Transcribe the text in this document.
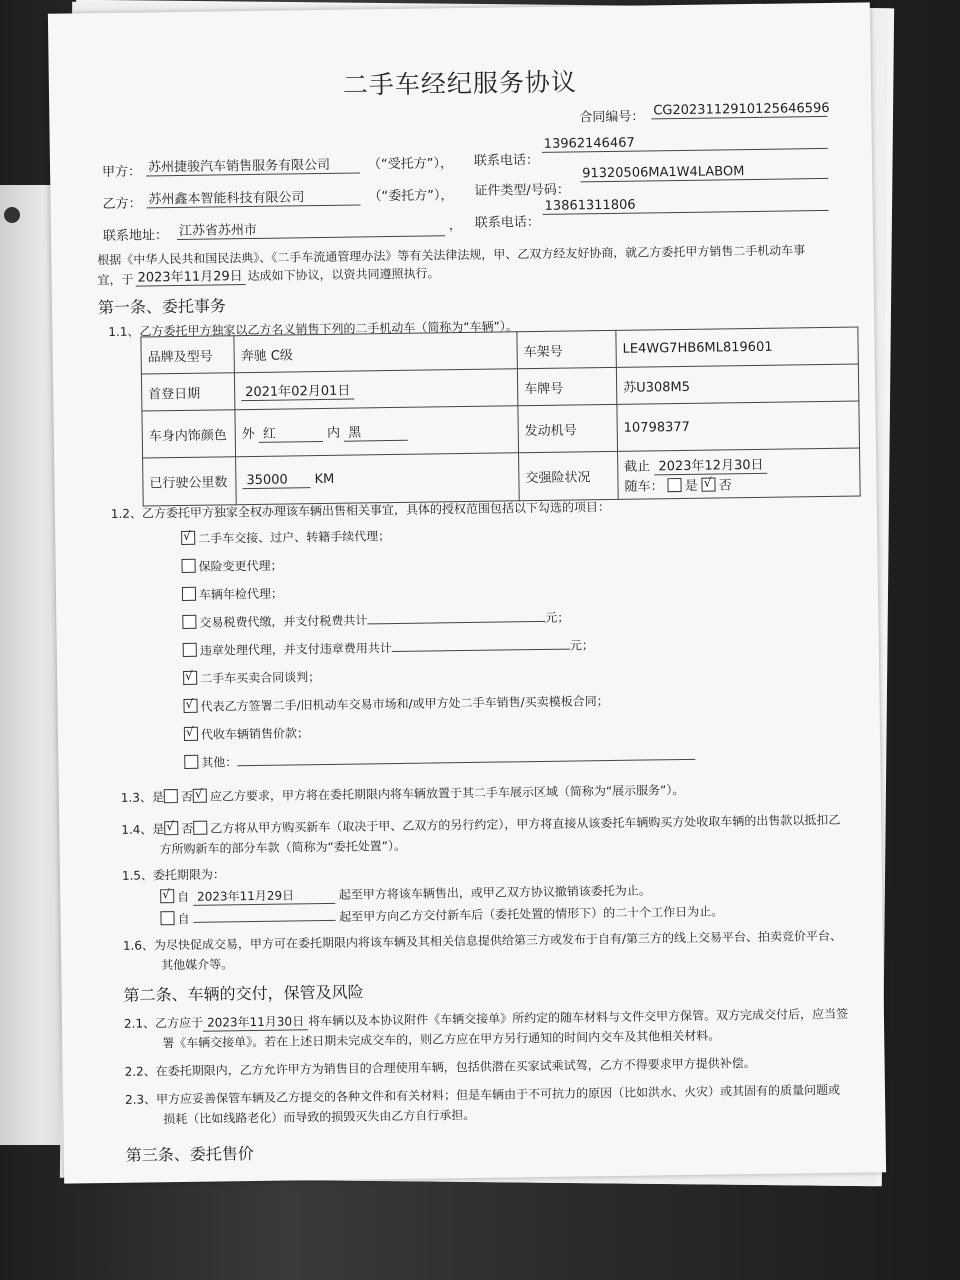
二手车经纪服务协议
合同编号： CG2023112910125646596
甲方： 苏州捷骏汽车销售服务有限公司	（“受托方”）， 联系电话：
13962146467
乙方： 苏州鑫本智能科技有限公司	（“委托方”）， 证件类型/号码：
91320506MA1W4LABOM
联系地址： 江苏省苏州市	， 联系电话：
13861311806
根据《中华人民共和国民法典》、《二手车流通管理办法》等有关法律法规，甲、乙双方经友好协商，就乙方委托甲方销售二手机动车事
宜，于 2023年11月29日 达成如下协议，以资共同遵照执行。
第一条、委托事务
1.1、乙方委托甲方独家以乙方名义销售下列的二手机动车（简称为“车辆”）。
品牌及型号	奔驰 C级	车架号	LE4WG7HB6ML819601
首登日期	2021年02月01日	车牌号	苏U308M5
车身内饰颜色	外 红 内 黑	发动机号	10798377
已行驶公里数	35000 KM	交强险状况	截止 2023年12月30日
随车： 是 √ 否
1.2、乙方委托甲方独家全权办理该车辆出售相关事宜，具体的授权范围包括以下勾选的项目：
√二手车交接、过户、转籍手续代理；
保险变更代理；
车辆年检代理；
交易税费代缴，并支付税费共计	元；
违章处理代理，并支付违章费用共计	元；
√二手车买卖合同谈判；
√代表乙方签署二手/旧机动车交易市场和/或甲方处二手车销售/买卖模板合同；
√代收车辆销售价款；
其他：
1.3、是 否 √ 应乙方要求，甲方将在委托期限内将车辆放置于其二手车展示区域（简称为“展示服务”）。
1.4、是 √ 否 乙方将从甲方购买新车（取决于甲、乙双方的另行约定），甲方将直接从该委托车辆购买方处收取车辆的出售款以抵扣乙
方所购新车的部分车款（简称为“委托处置”）。
1.5、委托期限为：
√自 2023年11月29日	起至甲方将该车辆售出，或甲乙双方协议撤销该委托为止。
自	起至甲方向乙方交付新车后（委托处置的情形下）的二十个工作日为止。
1.6、为尽快促成交易，甲方可在委托期限内将该车辆及其相关信息提供给第三方或发布于自有/第三方的线上交易平台、拍卖竞价平台、
其他媒介等。
第二条、车辆的交付，保管及风险
2.1、乙方应于 2023年11月30日 将车辆以及本协议附件《车辆交接单》所约定的随车材料与文件交甲方保管。双方完成交付后，应当签
署《车辆交接单》。若在上述日期未完成交车的，则乙方应在甲方另行通知的时间内交车及其他相关材料。
2.2、在委托期限内，乙方允许甲方为销售目的合理使用车辆，包括供潜在买家试乘试驾，乙方不得要求甲方提供补偿。
2.3、甲方应妥善保管车辆及乙方提交的各种文件和有关材料；但是车辆由于不可抗力的原因（比如洪水、火灾）或其固有的质量问题或
损耗（比如线路老化）而导致的损毁灭失由乙方自行承担。
第三条、委托售价
